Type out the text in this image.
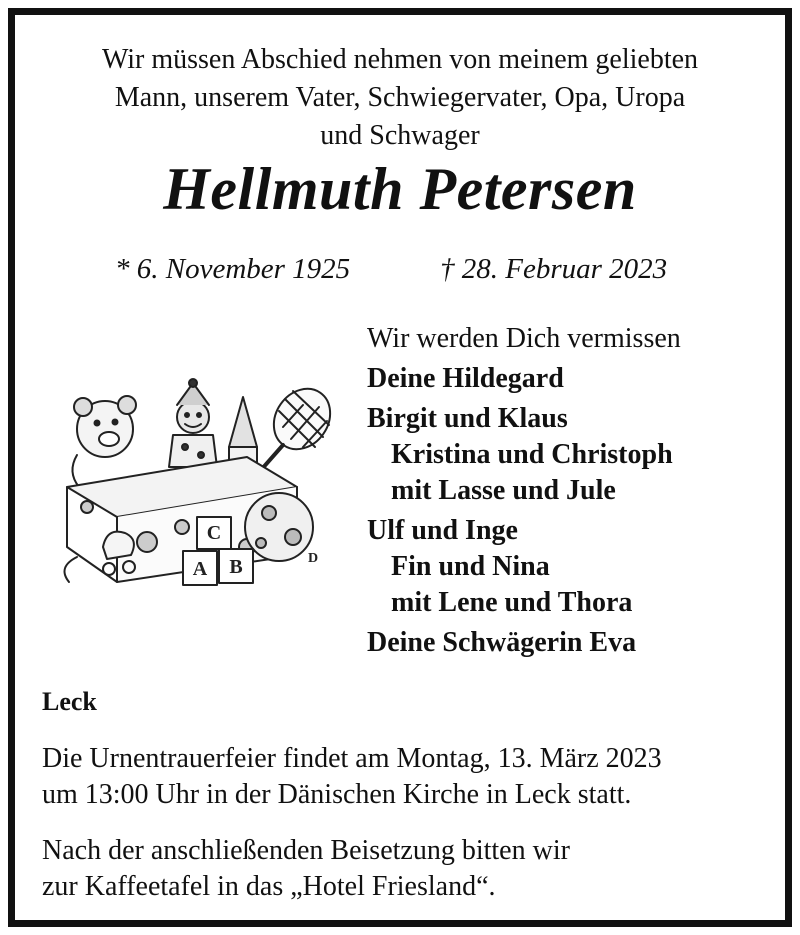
Wir müssen Abschied nehmen von meinem geliebten
Mann, unserem Vater, Schwiegervater, Opa, Uropa
und Schwager
Hellmuth Petersen
* 6. November 1925	† 28. Februar 2023
C
A B	D
Wir werden Dich vermissen
Deine Hildegard
Birgit und Klaus
Kristina und Christoph
mit Lasse und Jule
Ulf und Inge
Fin und Nina
mit Lene und Thora
Deine Schwägerin Eva
Leck
Die Urnentrauerfeier findet am Montag, 13. März 2023
um 13:00 Uhr in der Dänischen Kirche in Leck statt.
Nach der anschließenden Beisetzung bitten wir
zur Kaffeetafel in das „Hotel Friesland“.
